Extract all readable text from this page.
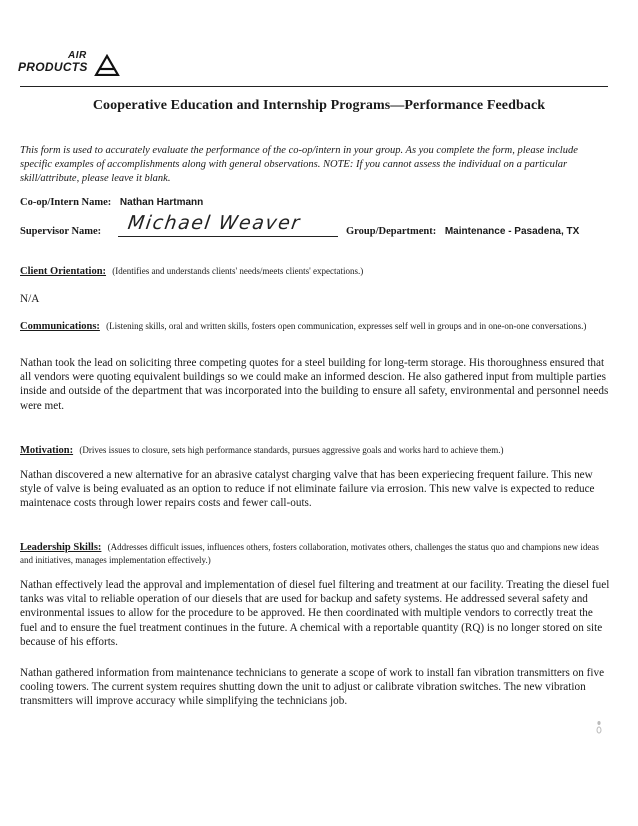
AIR
PRODUCTS
Cooperative Education and Internship Programs—Performance Feedback
This form is used to accurately evaluate the performance of the co-op/intern in your group. As you complete the form, please include specific examples of accomplishments along with general observations. NOTE: If you cannot assess the individual on a particular skill/attribute, please leave it blank.
Co-op/Intern Name: Nathan Hartmann
Supervisor Name: Michael Weaver	Group/Department: Maintenance - Pasadena, TX
Client Orientation: (Identifies and understands clients' needs/meets clients' expectations.)
N/A
Communications: (Listening skills, oral and written skills, fosters open communication, expresses self well in groups and in one-on-one conversations.)
Nathan took the lead on soliciting three competing quotes for a steel building for long-term storage. His thoroughness ensured that all vendors were quoting equivalent buildings so we could make an informed descion. He also gathered input from multiple parties inside and outside of the department that was incorporated into the building to ensure all safety, environmental and personnel needs were met.
Motivation: (Drives issues to closure, sets high performance standards, pursues aggressive goals and works hard to achieve them.)
Nathan discovered a new alternative for an abrasive catalyst charging valve that has been experiecing frequent failure. This new style of valve is being evaluated as an option to reduce if not eliminate failure via errosion. This new valve is expected to reduce maintenace costs through lower repairs costs and fewer call-outs.
Leadership Skills: (Addresses difficult issues, influences others, fosters collaboration, motivates others, challenges the status quo and champions new ideas and initiatives, manages implementation effectively.)
Nathan effectively lead the approval and implementation of diesel fuel filtering and treatment at our facility. Treating the diesel fuel tanks was vital to reliable operation of our diesels that are used for backup and safety systems. He addressed several safety and environmental issues to allow for the procedure to be approved. He then coordinated with multiple vendors to correctly treat the fuel and to ensure the fuel treatment continues in the future. A chemical with a reportable quantity (RQ) is no longer stored on site because of his efforts.
Nathan gathered information from maintenance technicians to generate a scope of work to install fan vibration transmitters on five cooling towers. The current system requires shutting down the unit to adjust or calibrate vibration switches. The new vibration transmitters will improve accuracy while simplifying the technicians job.
